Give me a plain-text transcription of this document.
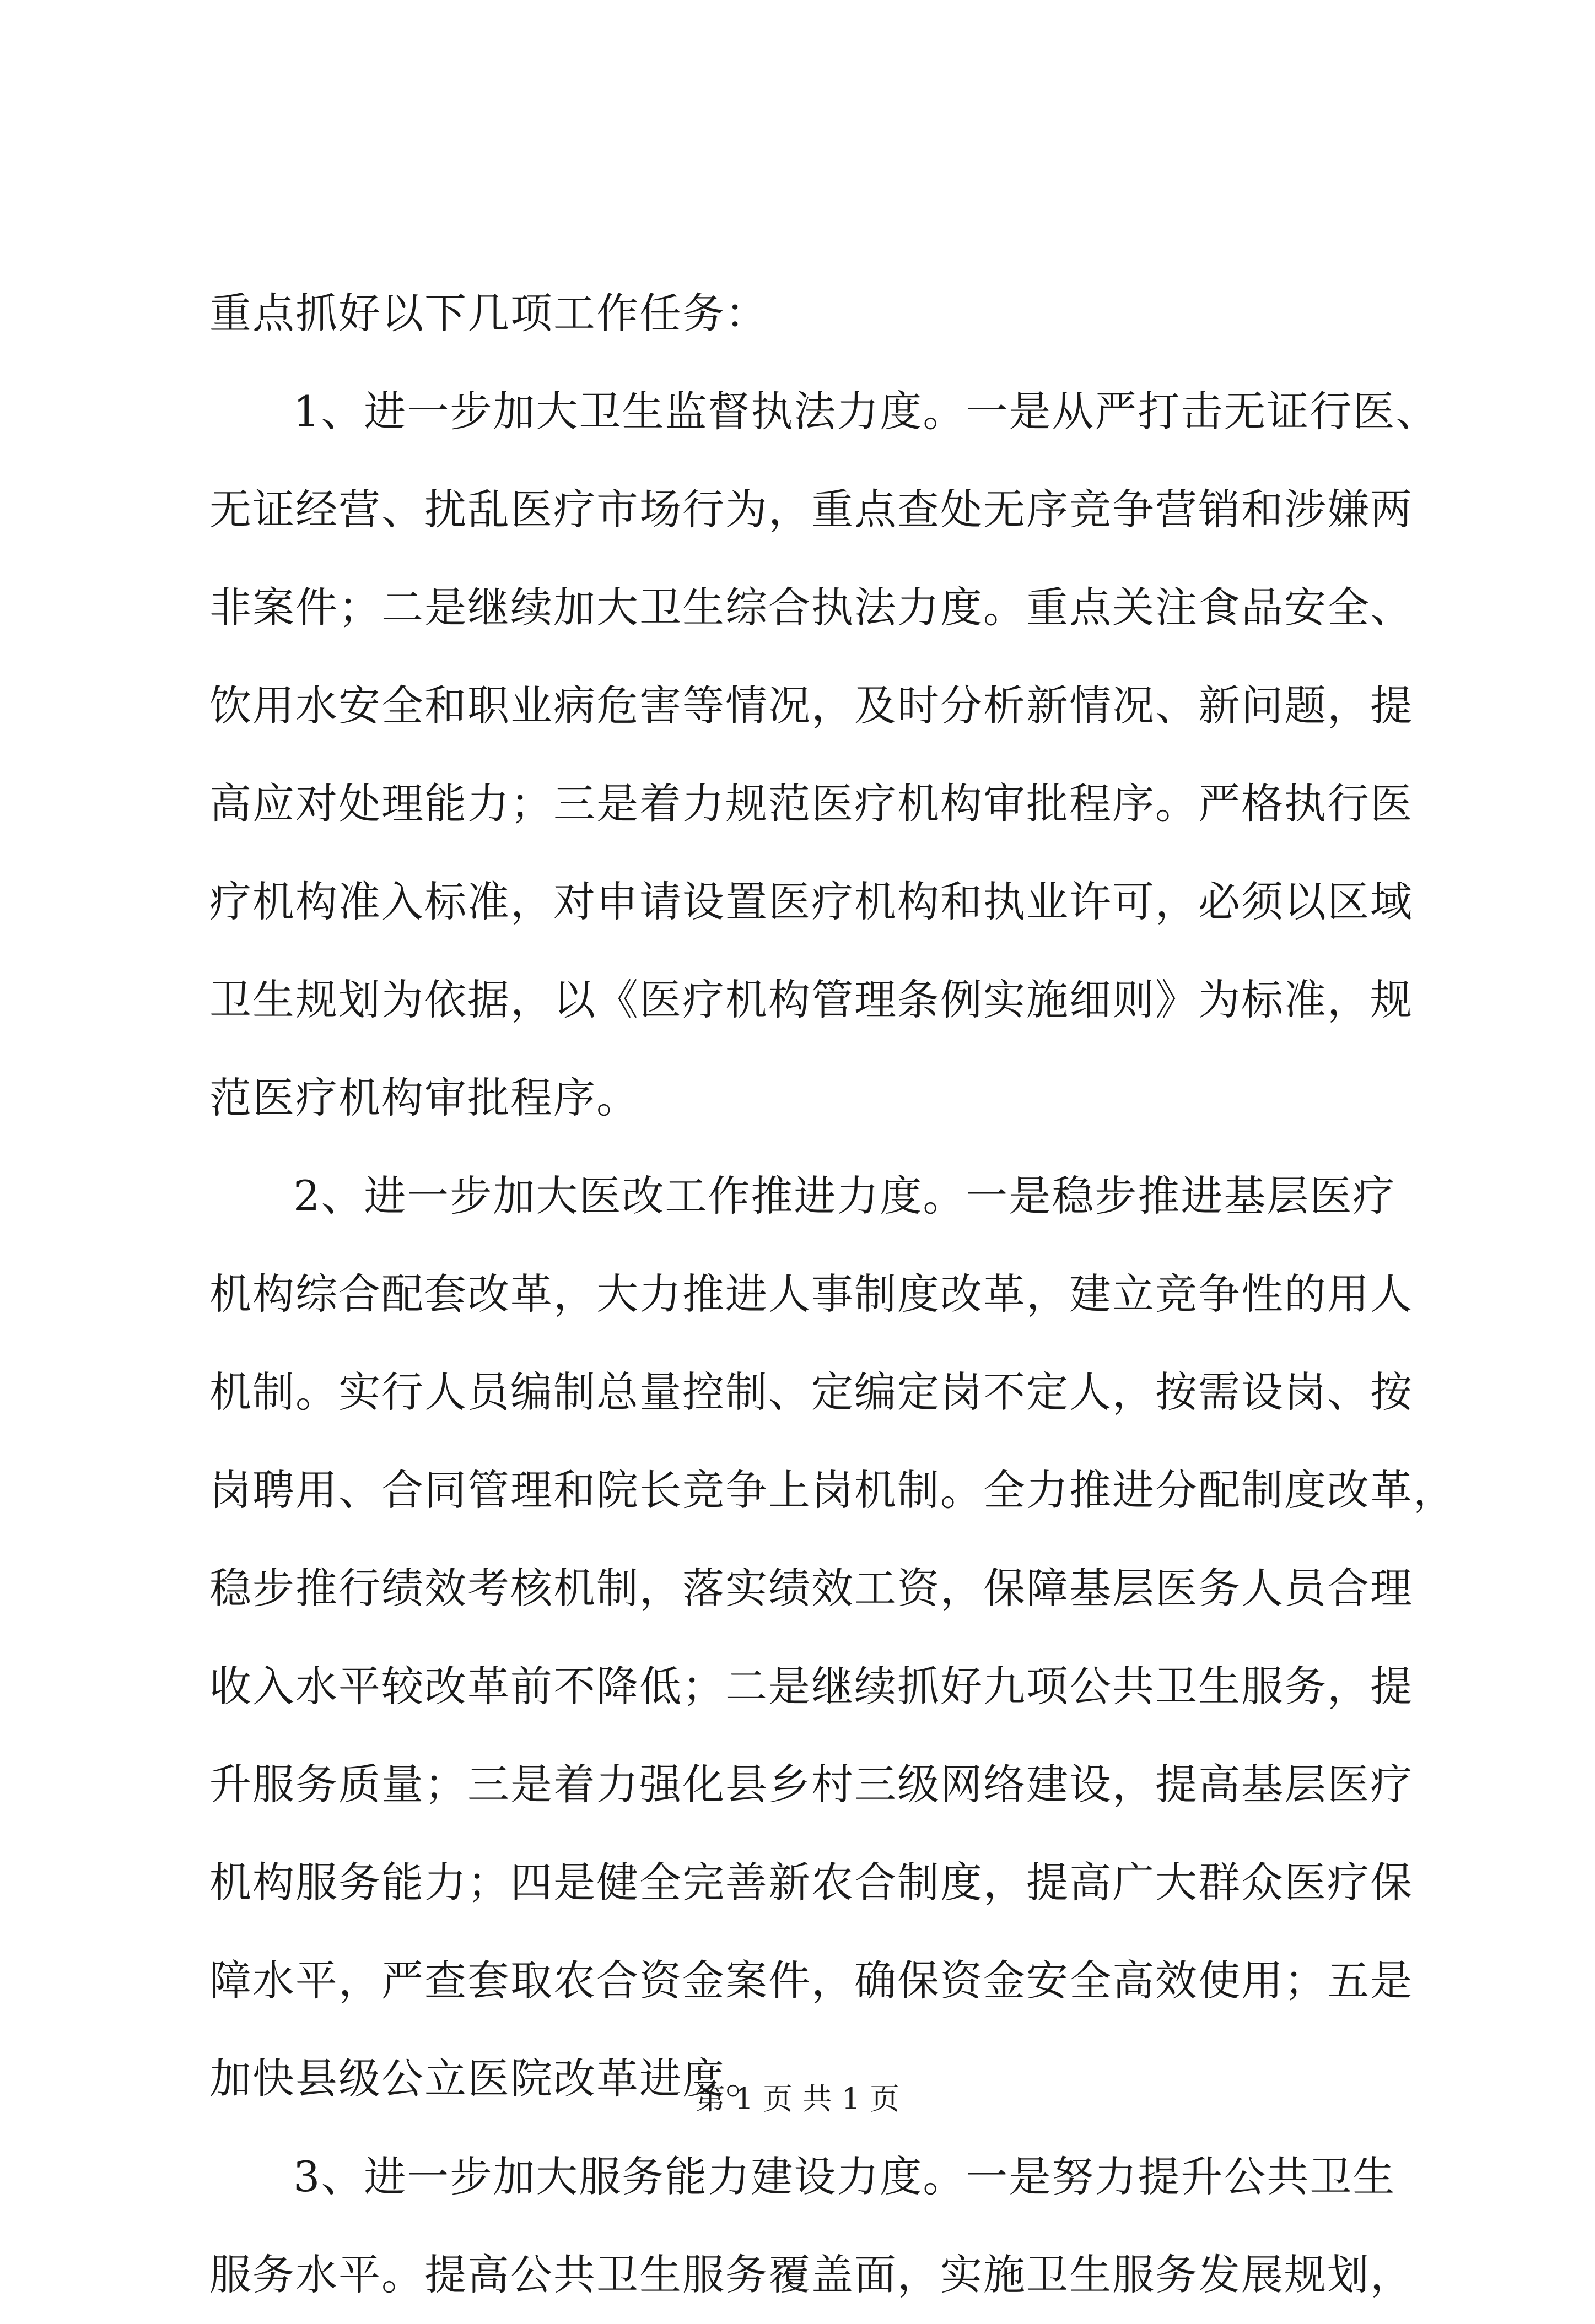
重点抓好以下几项工作任务：
1、进一步加大卫生监督执法力度。一是从严打击无证行医、
无证经营、扰乱医疗市场行为，重点查处无序竞争营销和涉嫌两
非案件；二是继续加大卫生综合执法力度。重点关注食品安全、
饮用水安全和职业病危害等情况，及时分析新情况、新问题，提
高应对处理能力；三是着力规范医疗机构审批程序。严格执行医
疗机构准入标准，对申请设置医疗机构和执业许可，必须以区域
卫生规划为依据，以《医疗机构管理条例实施细则》为标准，规
范医疗机构审批程序。
2、进一步加大医改工作推进力度。一是稳步推进基层医疗
机构综合配套改革，大力推进人事制度改革，建立竞争性的用人
机制。实行人员编制总量控制、定编定岗不定人，按需设岗、按
岗聘用、合同管理和院长竞争上岗机制。全力推进分配制度改革，
稳步推行绩效考核机制，落实绩效工资，保障基层医务人员合理
收入水平较改革前不降低；二是继续抓好九项公共卫生服务，提
升服务质量；三是着力强化县乡村三级网络建设，提高基层医疗
机构服务能力；四是健全完善新农合制度，提高广大群众医疗保
障水平，严查套取农合资金案件，确保资金安全高效使用；五是
加快县级公立医院改革进度。
3、进一步加大服务能力建设力度。一是努力提升公共卫生
服务水平。提高公共卫生服务覆盖面，实施卫生服务发展规划，
第 1 页 共 1 页
